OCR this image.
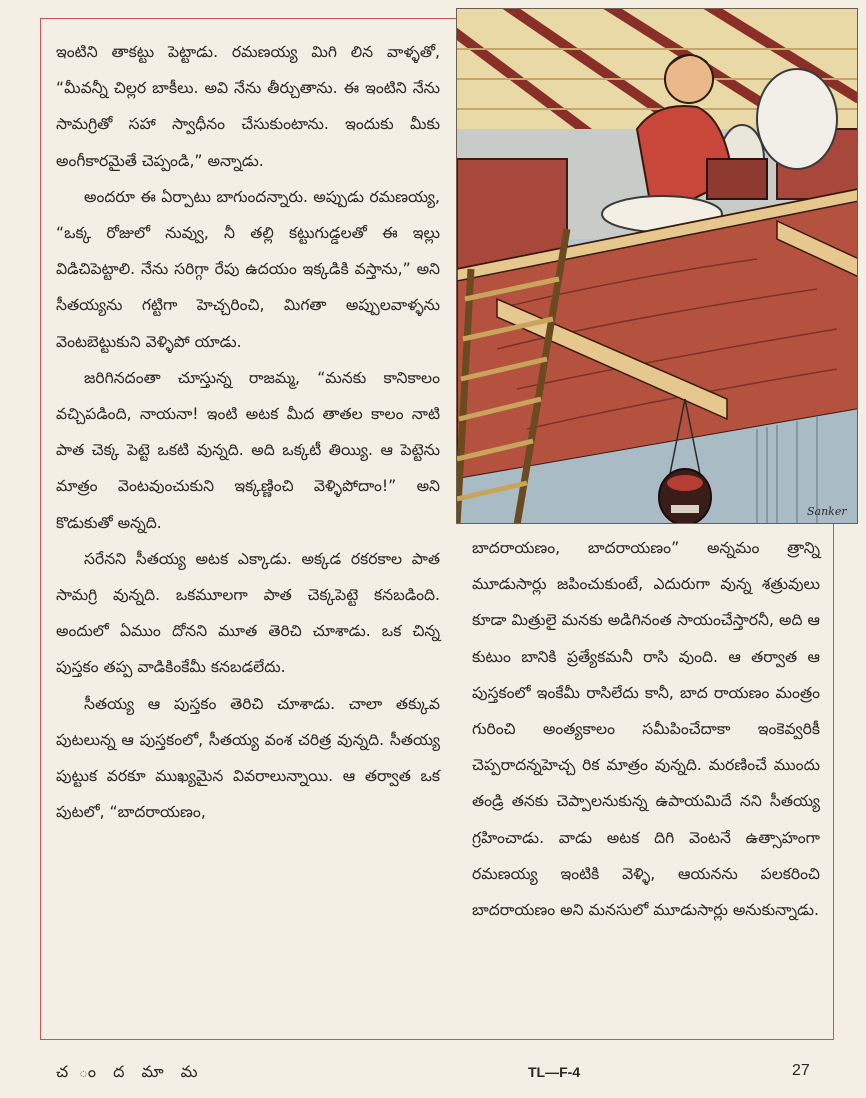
ఇంటిని తాకట్టు పెట్టాడు. రమణయ్య మిగి లిన వాళ్ళతో, “మీవన్నీ చిల్లర బాకీలు. అవి నేను తీర్చుతాను. ఈ ఇంటిని నేను సామగ్రితో సహా స్వాధీనం చేసుకుంటాను. ఇందుకు మీకు అంగీకారమైతే చెప్పండి,” అన్నాడు.

అందరూ ఈ ఏర్పాటు బాగుందన్నారు. అప్పుడు రమణయ్య, “ఒక్క రోజులో నువ్వు, నీ తల్లి కట్టుగుడ్డలతో ఈ ఇల్లు విడిచిపెట్టాలి. నేను సరిగ్గా రేపు ఉదయం ఇక్కడికి వస్తాను,” అని సీతయ్యను గట్టిగా హెచ్చరించి, మిగతా అప్పులవాళ్ళను వెంటబెట్టుకుని వెళ్ళిపో యాడు.

జరిగినదంతా చూస్తున్న రాజమ్మ, “మనకు కానికాలం వచ్చిపడింది, నాయనా! ఇంటి అటక మీద తాతల కాలం నాటి పాత చెక్క పెట్టె ఒకటి వున్నది. అది ఒక్కటీ తియ్యి. ఆ పెట్టెను మాత్రం వెంటవుంచుకుని ఇక్కణ్ణించి వెళ్ళిపోదాం!” అని కొడుకుతో అన్నది.

సరేనని సీతయ్య అటక ఎక్కాడు. అక్కడ రకరకాల పాత సామగ్రి వున్నది. ఒకమూలగా పాత చెక్కపెట్టె కనబడింది. అందులో ఏముం దోనని మూత తెరిచి చూశాడు. ఒక చిన్న పుస్తకం తప్ప వాడికింకేమీ కనబడలేదు.

సీతయ్య ఆ పుస్తకం తెరిచి చూశాడు. చాలా తక్కువ పుటలున్న ఆ పుస్తకంలో, సీతయ్య వంశ చరిత్ర వున్నది. సీతయ్య పుట్టుక వరకూ ముఖ్యమైన వివరాలున్నాయి. ఆ తర్వాత ఒక పుటలో, “బాదరాయణం,

Sanker

బాదరాయణం, బాదరాయణం” అన్నమం త్రాన్ని మూడుసార్లు జపించుకుంటే, ఎదురుగా వున్న శత్రువులు కూడా మిత్రులై మనకు అడిగినంత సాయంచేస్తారనీ, అది ఆ కుటుం బానికి ప్రత్యేకమనీ రాసి వుంది. ఆ తర్వాత ఆ పుస్తకంలో ఇంకేమీ రాసిలేదు కానీ, బాద రాయణం మంత్రం గురించి అంత్యకాలం సమీపించేదాకా ఇంకెవ్వరికీ చెప్పరాదన్నహెచ్చ రిక మాత్రం వున్నది. మరణించే ముందు తండ్రి తనకు చెప్పాలనుకున్న ఉపాయమిదే నని సీతయ్య గ్రహించాడు. వాడు అటక దిగి వెంటనే ఉత్సాహంగా రమణయ్య ఇంటికి వెళ్ళి, ఆయనను పలకరించి బాదరాయణం అని మనసులో మూడుసార్లు అనుకున్నాడు.

చ ం ద మా మ	TL—F-4	27
